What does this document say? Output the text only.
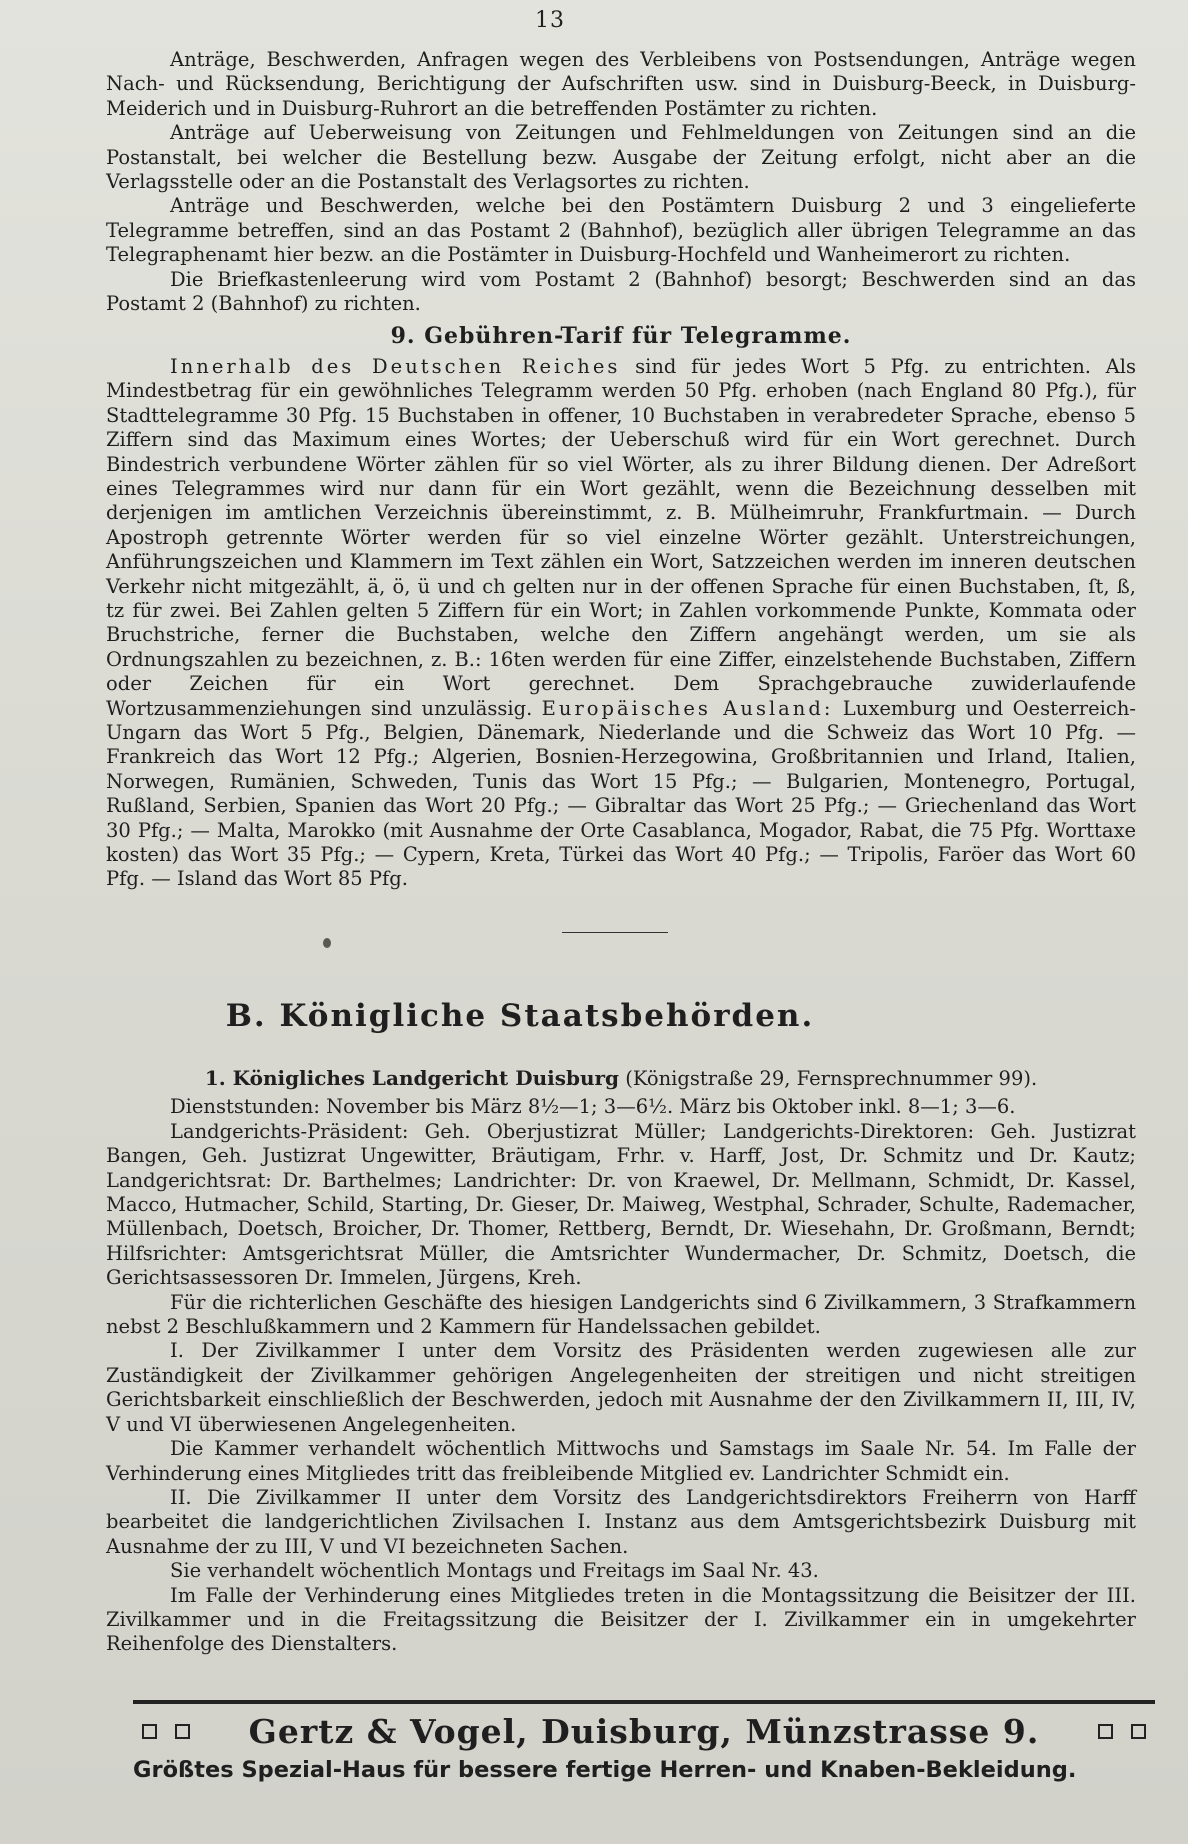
13

Anträge, Beschwerden, Anfragen wegen des Verbleibens von Postsendungen, Anträge wegen Nach- und Rücksendung, Berichtigung der Aufschriften usw. sind in Duisburg-Beeck, in Duisburg-Meiderich und in Duisburg-Ruhrort an die betreffenden Postämter zu richten.

Anträge auf Ueberweisung von Zeitungen und Fehlmeldungen von Zeitungen sind an die Postanstalt, bei welcher die Bestellung bezw. Ausgabe der Zeitung erfolgt, nicht aber an die Verlagsstelle oder an die Postanstalt des Verlagsortes zu richten.

Anträge und Beschwerden, welche bei den Postämtern Duisburg 2 und 3 eingelieferte Telegramme betreffen, sind an das Postamt 2 (Bahnhof), bezüglich aller übrigen Telegramme an das Telegraphenamt hier bezw. an die Postämter in Duisburg-Hochfeld und Wanheimerort zu richten.

Die Briefkastenleerung wird vom Postamt 2 (Bahnhof) besorgt; Beschwerden sind an das Postamt 2 (Bahnhof) zu richten.

9. Gebühren-Tarif für Telegramme.

Innerhalb des Deutschen Reiches sind für jedes Wort 5 Pfg. zu entrichten. Als Mindestbetrag für ein gewöhnliches Telegramm werden 50 Pfg. erhoben (nach England 80 Pfg.), für Stadttelegramme 30 Pfg. 15 Buchstaben in offener, 10 Buchstaben in verabredeter Sprache, ebenso 5 Ziffern sind das Maximum eines Wortes; der Ueberschuß wird für ein Wort gerechnet. Durch Bindestrich verbundene Wörter zählen für so viel Wörter, als zu ihrer Bildung dienen. Der Adreßort eines Telegrammes wird nur dann für ein Wort gezählt, wenn die Bezeichnung desselben mit derjenigen im amtlichen Verzeichnis übereinstimmt, z. B. Mülheimruhr, Frankfurtmain. — Durch Apostroph getrennte Wörter werden für so viel einzelne Wörter gezählt. Unterstreichungen, Anführungszeichen und Klammern im Text zählen ein Wort, Satzzeichen werden im inneren deutschen Verkehr nicht mitgezählt, ä, ö, ü und ch gelten nur in der offenen Sprache für einen Buchstaben, ſt, ß, tz für zwei. Bei Zahlen gelten 5 Ziffern für ein Wort; in Zahlen vorkommende Punkte, Kommata oder Bruchstriche, ferner die Buchstaben, welche den Ziffern angehängt werden, um sie als Ordnungszahlen zu bezeichnen, z. B.: 16ten werden für eine Ziffer, einzelstehende Buchstaben, Ziffern oder Zeichen für ein Wort gerechnet. Dem Sprachgebrauche zuwiderlaufende Wortzusammenziehungen sind unzulässig. Europäisches Ausland: Luxemburg und Oesterreich-Ungarn das Wort 5 Pfg., Belgien, Dänemark, Niederlande und die Schweiz das Wort 10 Pfg. — Frankreich das Wort 12 Pfg.; Algerien, Bosnien-Herzegowina, Großbritannien und Irland, Italien, Norwegen, Rumänien, Schweden, Tunis das Wort 15 Pfg.; — Bulgarien, Montenegro, Portugal, Rußland, Serbien, Spanien das Wort 20 Pfg.; — Gibraltar das Wort 25 Pfg.; — Griechenland das Wort 30 Pfg.; — Malta, Marokko (mit Ausnahme der Orte Casablanca, Mogador, Rabat, die 75 Pfg. Worttaxe kosten) das Wort 35 Pfg.; — Cypern, Kreta, Türkei das Wort 40 Pfg.; — Tripolis, Faröer das Wort 60 Pfg. — Island das Wort 85 Pfg.

B. Königliche Staatsbehörden.

1. Königliches Landgericht Duisburg (Königstraße 29, Fernsprechnummer 99).

Dienststunden: November bis März 8½—1; 3—6½. März bis Oktober inkl. 8—1; 3—6.

Landgerichts-Präsident: Geh. Oberjustizrat Müller; Landgerichts-Direktoren: Geh. Justizrat Bangen, Geh. Justizrat Ungewitter, Bräutigam, Frhr. v. Harff, Jost, Dr. Schmitz und Dr. Kautz; Landgerichtsrat: Dr. Barthelmes; Landrichter: Dr. von Kraewel, Dr. Mellmann, Schmidt, Dr. Kassel, Macco, Hutmacher, Schild, Starting, Dr. Gieser, Dr. Maiweg, Westphal, Schrader, Schulte, Rademacher, Müllenbach, Doetsch, Broicher, Dr. Thomer, Rettberg, Berndt, Dr. Wiesehahn, Dr. Großmann, Berndt; Hilfsrichter: Amtsgerichtsrat Müller, die Amtsrichter Wundermacher, Dr. Schmitz, Doetsch, die Gerichtsassessoren Dr. Immelen, Jürgens, Kreh.

Für die richterlichen Geschäfte des hiesigen Landgerichts sind 6 Zivilkammern, 3 Strafkammern nebst 2 Beschlußkammern und 2 Kammern für Handelssachen gebildet.

I. Der Zivilkammer I unter dem Vorsitz des Präsidenten werden zugewiesen alle zur Zuständigkeit der Zivilkammer gehörigen Angelegenheiten der streitigen und nicht streitigen Gerichtsbarkeit einschließlich der Beschwerden, jedoch mit Ausnahme der den Zivilkammern II, III, IV, V und VI überwiesenen Angelegenheiten.

Die Kammer verhandelt wöchentlich Mittwochs und Samstags im Saale Nr. 54. Im Falle der Verhinderung eines Mitgliedes tritt das freibleibende Mitglied ev. Landrichter Schmidt ein.

II. Die Zivilkammer II unter dem Vorsitz des Landgerichtsdirektors Freiherrn von Harff bearbeitet die landgerichtlichen Zivilsachen I. Instanz aus dem Amtsgerichtsbezirk Duisburg mit Ausnahme der zu III, V und VI bezeichneten Sachen.

Sie verhandelt wöchentlich Montags und Freitags im Saal Nr. 43.

Im Falle der Verhinderung eines Mitgliedes treten in die Montagssitzung die Beisitzer der III. Zivilkammer und in die Freitagssitzung die Beisitzer der I. Zivilkammer ein in umgekehrter Reihenfolge des Dienstalters.

Gertz & Vogel, Duisburg, Münzstrasse 9.
Größtes Spezial-Haus für bessere fertige Herren- und Knaben-Bekleidung.
